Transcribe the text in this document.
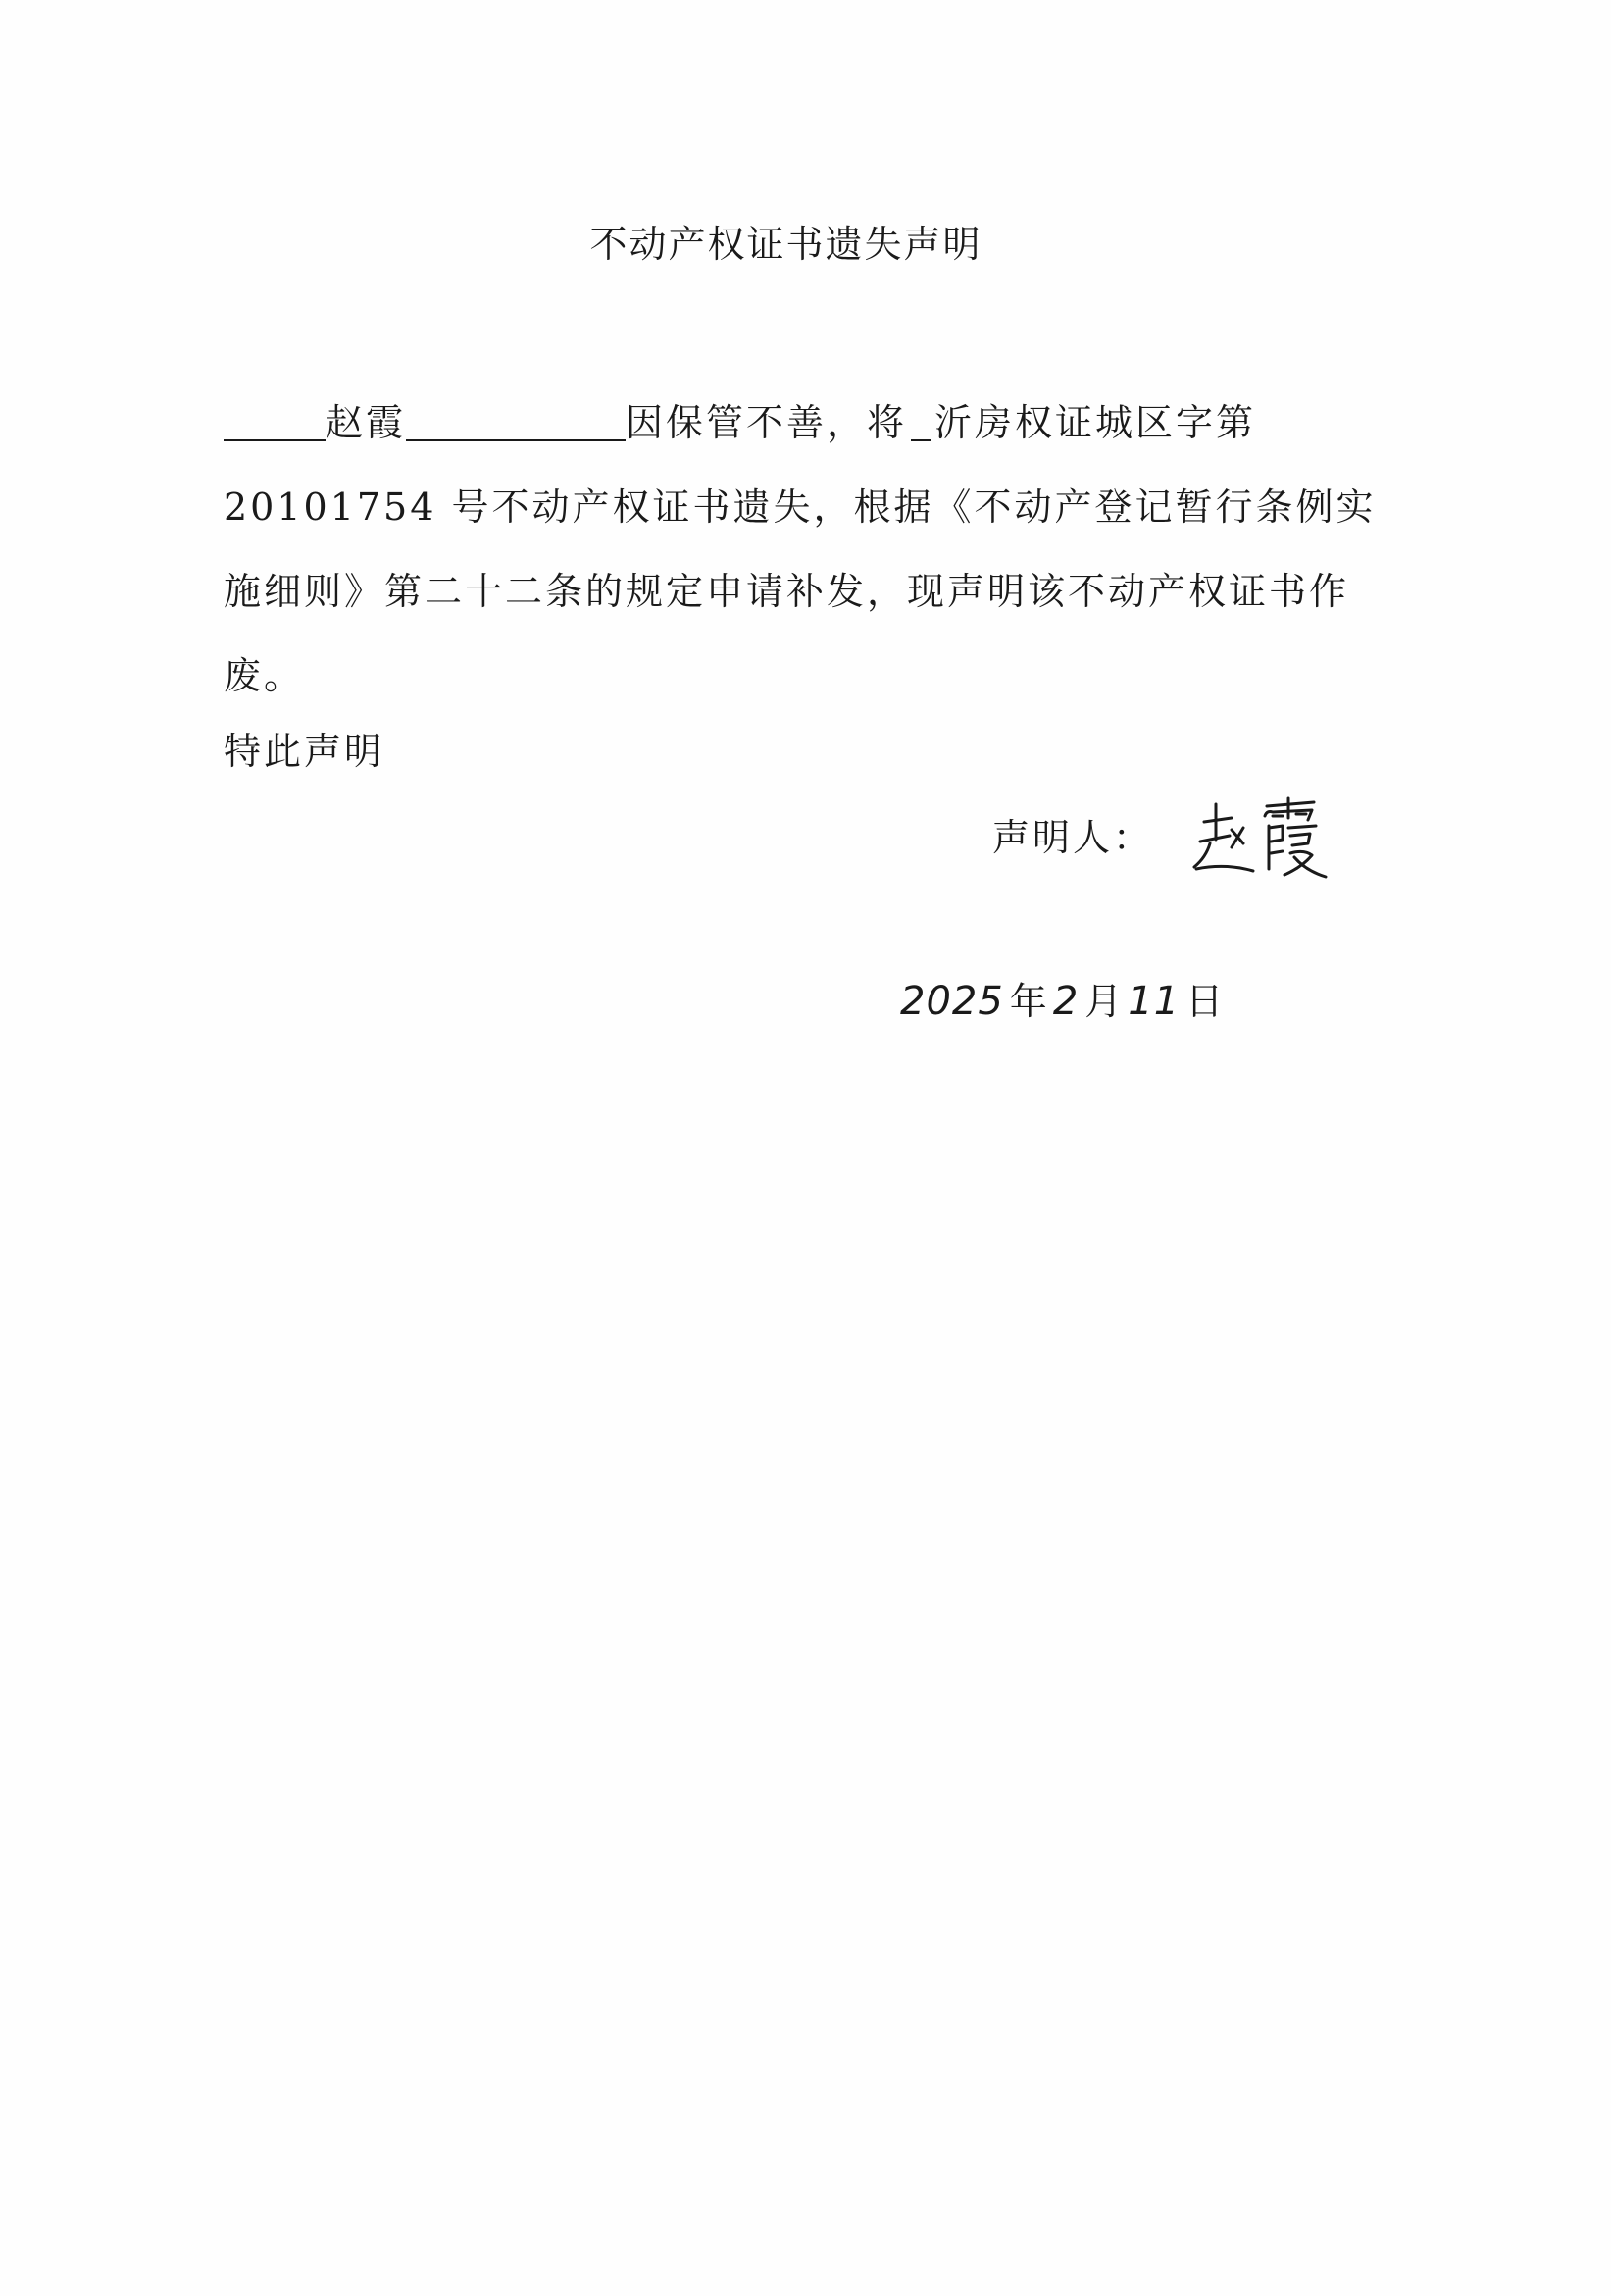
不动产权证书遗失声明
赵霞	因保管不善，将 沂房权证城区字第
20101754 号不动产权证书遗失，根据《不动产登记暂行条例实
施细则》第二十二条的规定申请补发，现声明该不动产权证书作
废。
特此声明
声明人：
2025 年 2 月 11 日
